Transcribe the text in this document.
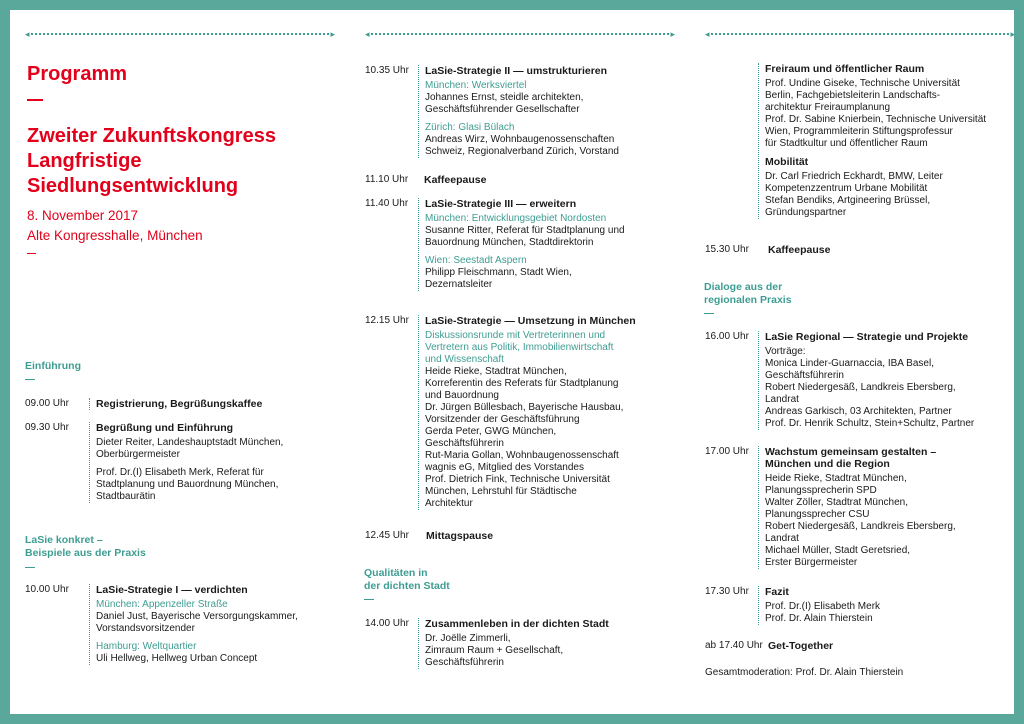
◂	▸	◂	▸	◂	▸
Programm
Zweiter Zukunftskongress
Langfristige
Siedlungsentwicklung
8. November 2017
Alte Kongresshalle, München
Einführung
09.00 Uhr	Registrierung, Begrüßungskaffee
09.30 Uhr	Begrüßung und Einführung
Dieter Reiter, Landeshauptstadt München,
Oberbürgermeister
Prof. Dr.(I) Elisabeth Merk, Referat für
Stadtplanung und Bauordnung München,
Stadtbaurätin
LaSie konkret –
Beispiele aus der Praxis
10.00 Uhr	LaSie-Strategie I — verdichten
München: Appenzeller Straße
Daniel Just, Bayerische Versorgungskammer,
Vorstandsvorsitzender
Hamburg: Weltquartier
Uli Hellweg, Hellweg Urban Concept
10.35 Uhr LaSie-Strategie II — umstrukturieren
München: Werksviertel
Johannes Ernst, steidle architekten,
Geschäftsführender Gesellschafter
Zürich: Glasi Bülach
Andreas Wirz, Wohnbaugenossenschaften
Schweiz, Regionalverband Zürich, Vorstand
11.10 Uhr Kaffeepause
11.40 Uhr LaSie-Strategie III — erweitern
München: Entwicklungsgebiet Nordosten
Susanne Ritter, Referat für Stadtplanung und
Bauordnung München, Stadtdirektorin
Wien: Seestadt Aspern
Philipp Fleischmann, Stadt Wien,
Dezernatsleiter
12.15 Uhr LaSie-Strategie — Umsetzung in München
Diskussionsrunde mit Vertreterinnen und
Vertretern aus Politik, Immobilienwirtschaft
und Wissenschaft
Heide Rieke, Stadtrat München,
Korreferentin des Referats für Stadtplanung
und Bauordnung
Dr. Jürgen Büllesbach, Bayerische Hausbau,
Vorsitzender der Geschäftsführung
Gerda Peter, GWG München,
Geschäftsführerin
Rut-Maria Gollan, Wohnbaugenossenschaft
wagnis eG, Mitglied des Vorstandes
Prof. Dietrich Fink, Technische Universität
München, Lehrstuhl für Städtische
Architektur
12.45 Uhr Mittagspause
Qualitäten in
der dichten Stadt
14.00 Uhr Zusammenleben in der dichten Stadt
Dr. Joëlle Zimmerli,
Zimraum Raum + Gesellschaft,
Geschäftsführerin
Freiraum und öffentlicher Raum
Prof. Undine Giseke, Technische Universität
Berlin, Fachgebietsleiterin Landschafts-
architektur Freiraumplanung
Prof. Dr. Sabine Knierbein, Technische Universität
Wien, Programmleiterin Stiftungsprofessur
für Stadtkultur und öffentlicher Raum
Mobilität
Dr. Carl Friedrich Eckhardt, BMW, Leiter
Kompetenzzentrum Urbane Mobilität
Stefan Bendiks, Artgineering Brüssel,
Gründungspartner
15.30 Uhr Kaffeepause
Dialoge aus der
regionalen Praxis
16.00 Uhr LaSie Regional — Strategie und Projekte
Vorträge:
Monica Linder-Guarnaccia, IBA Basel,
Geschäftsführerin
Robert Niedergesäß, Landkreis Ebersberg,
Landrat
Andreas Garkisch, 03 Architekten, Partner
Prof. Dr. Henrik Schultz, Stein+Schultz, Partner
17.00 Uhr Wachstum gemeinsam gestalten –
München und die Region
Heide Rieke, Stadtrat München,
Planungssprecherin SPD
Walter Zöller, Stadtrat München,
Planungssprecher CSU
Robert Niedergesäß, Landkreis Ebersberg,
Landrat
Michael Müller, Stadt Geretsried,
Erster Bürgermeister
17.30 Uhr Fazit
Prof. Dr.(I) Elisabeth Merk
Prof. Dr. Alain Thierstein
ab 17.40 Uhr Get-Together
Gesamtmoderation: Prof. Dr. Alain Thierstein
